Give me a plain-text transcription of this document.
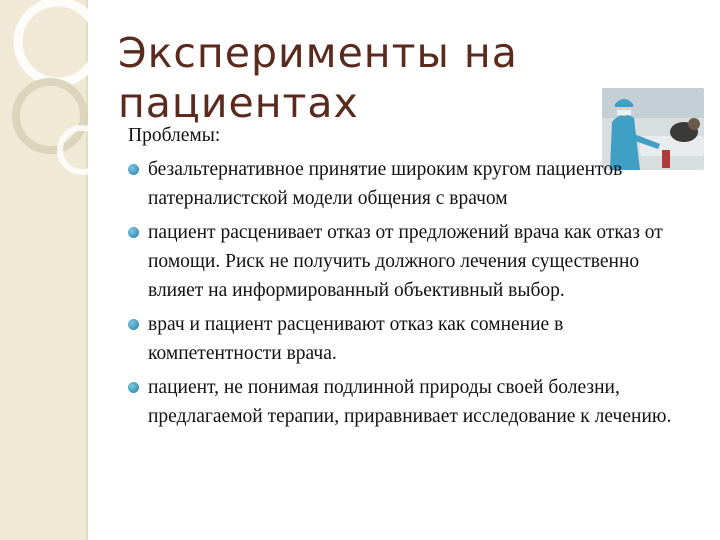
Эксперименты на пациентах

Проблемы:

безальтернативное принятие широким кругом пациентов патерналистской модели общения с врачом
пациент расценивает отказ от предложений врача как отказ от помощи. Риск не получить должного лечения существенно влияет на информированный объективный выбор.
врач и пациент расценивают отказ как сомнение в компетентности врача.
пациент, не понимая подлинной природы своей болезни, предлагаемой терапии, приравнивает исследование к лечению.
